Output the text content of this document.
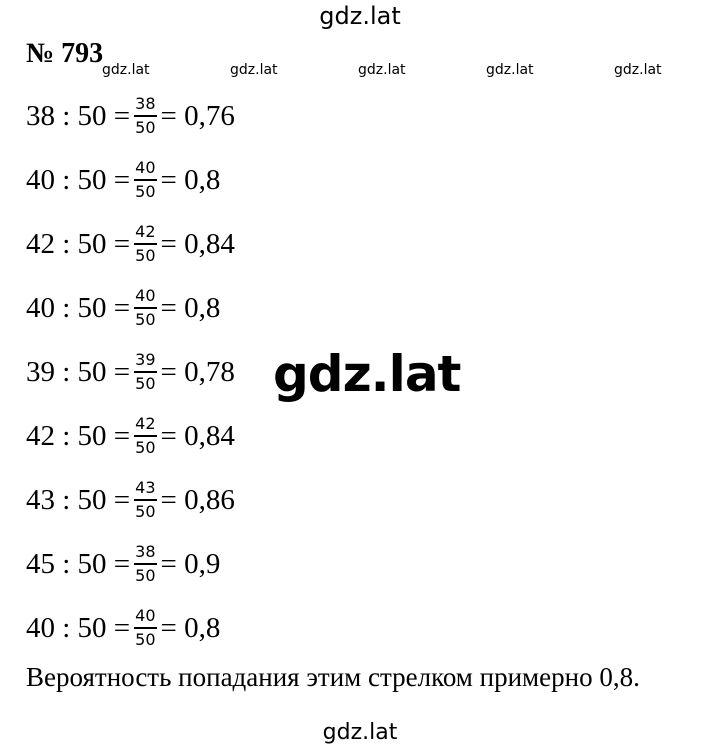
gdz.lat
gdz.lat	gdz.lat	gdz.lat	gdz.lat	gdz.lat
№ 793
38 : $50 = \frac{38}{50} = 0,76$
40 : $50 = \frac{40}{50} = 0,8$
42 : $50 = \frac{42}{50} = 0,84$
40 : $50 = \frac{40}{50} = 0,8$
39 : $50 = \frac{39}{50} = 0,78$
42 : $50 = \frac{42}{50} = 0,84$
43 : $50 = \frac{43}{50} = 0,86$
45 : $50 = \frac{38}{50} = 0,9$
40 : $50 = \frac{40}{50} = 0,8$
gdz.lat
Вероятность попадания этим стрелком примерно 0,8.
gdz.lat
